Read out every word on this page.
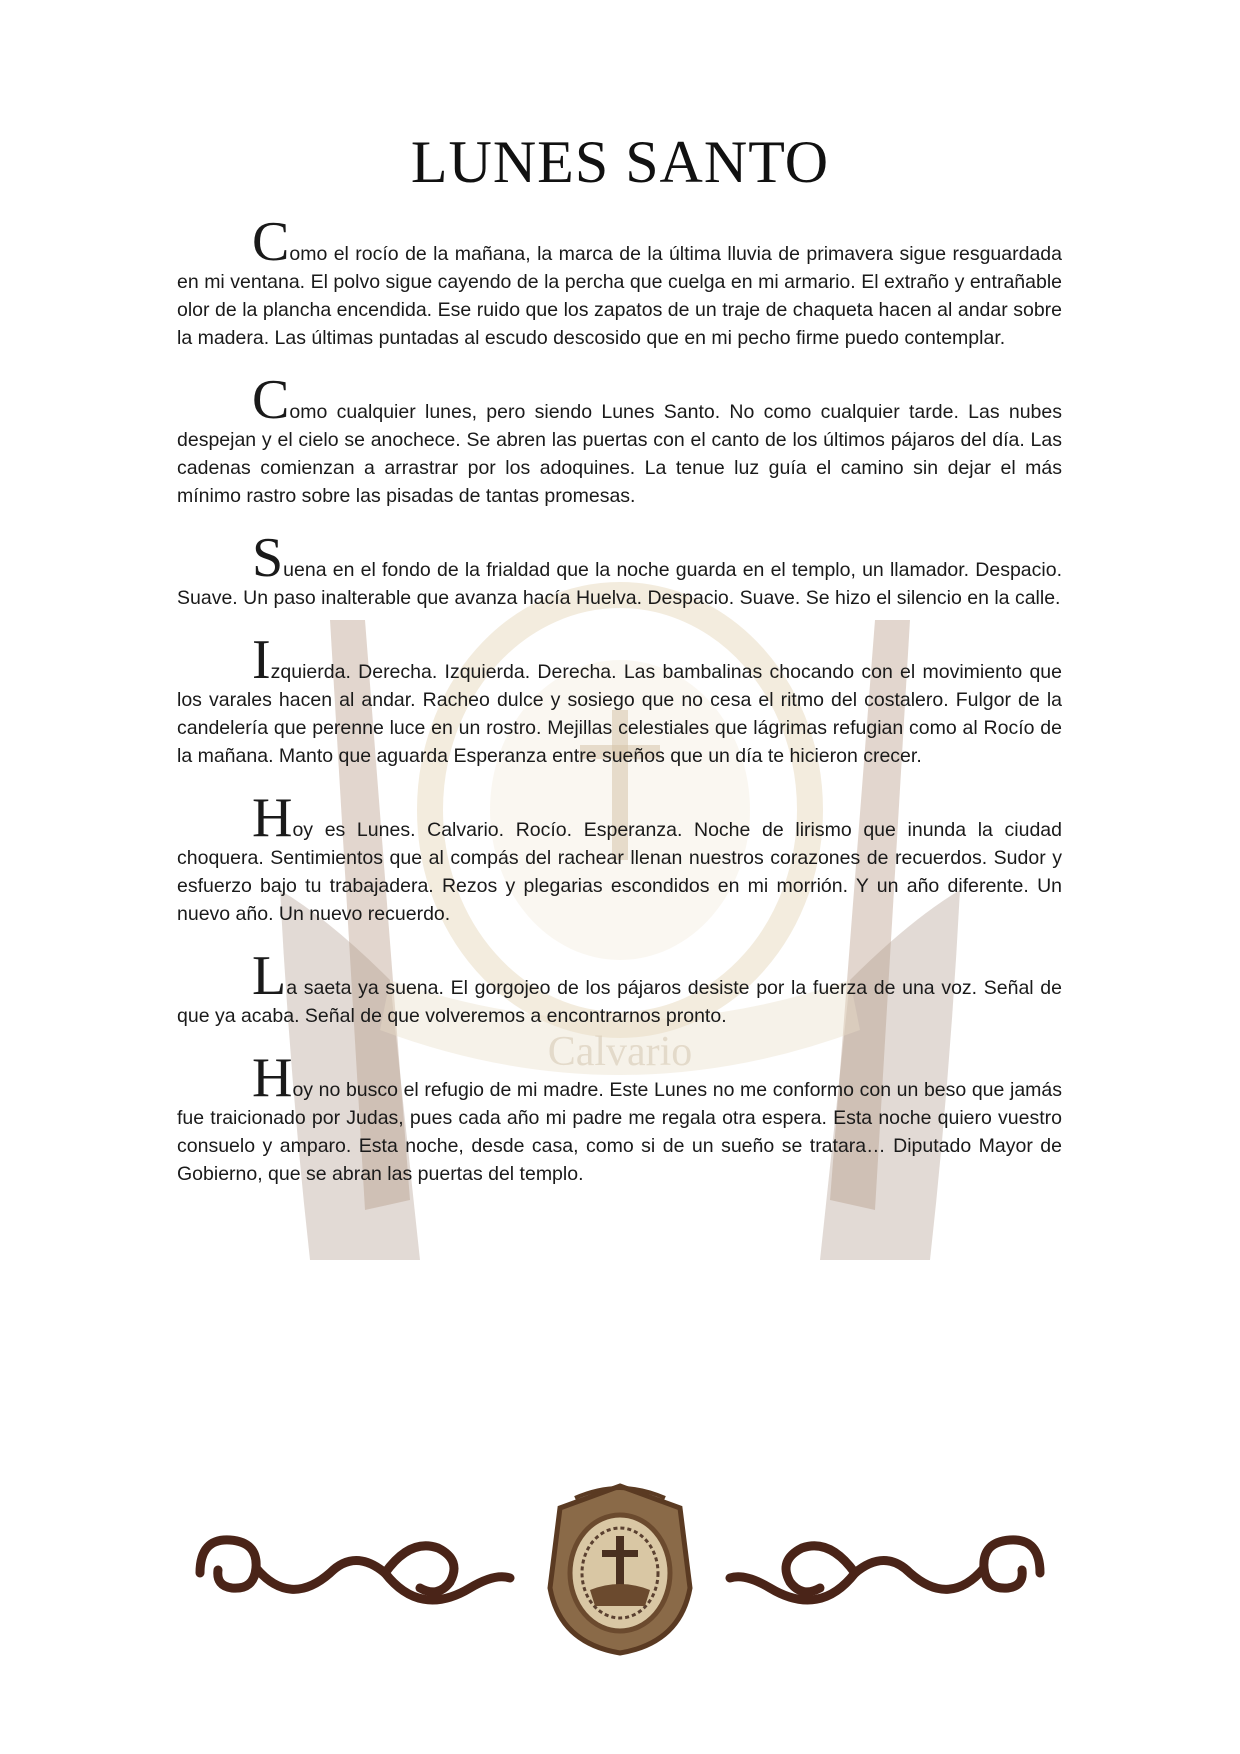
Calvario
LUNES SANTO

Como el rocío de la mañana, la marca de la última lluvia de primavera sigue resguardada en mi ventana. El polvo sigue cayendo de la percha que cuelga en mi armario. El extraño y entrañable olor de la plancha encendida. Ese ruido que los zapatos de un traje de chaqueta hacen al andar sobre la madera. Las últimas puntadas al escudo descosido que en mi pecho firme puedo contemplar.

Como cualquier lunes, pero siendo Lunes Santo. No como cualquier tarde. Las nubes despejan y el cielo se anochece. Se abren las puertas con el canto de los últimos pájaros del día. Las cadenas comienzan a arrastrar por los adoquines. La tenue luz guía el camino sin dejar el más mínimo rastro sobre las pisadas de tantas promesas.

Suena en el fondo de la frialdad que la noche guarda en el templo, un llamador. Despacio. Suave. Un paso inalterable que avanza hacía Huelva. Despacio. Suave. Se hizo el silencio en la calle.

Izquierda. Derecha. Izquierda. Derecha. Las bambalinas chocando con el movimiento que los varales hacen al andar. Racheo dulce y sosiego que no cesa el ritmo del costalero. Fulgor de la candelería que perenne luce en un rostro. Mejillas celestiales que lágrimas refugian como al Rocío de la mañana. Manto que aguarda Esperanza entre sueños que un día te hicieron crecer.

Hoy es Lunes. Calvario. Rocío. Esperanza. Noche de lirismo que inunda la ciudad choquera. Sentimientos que al compás del rachear llenan nuestros corazones de recuerdos. Sudor y esfuerzo bajo tu trabajadera. Rezos y plegarias escondidos en mi morrión. Y un año diferente. Un nuevo año. Un nuevo recuerdo.

La saeta ya suena. El gorgojeo de los pájaros desiste por la fuerza de una voz. Señal de que ya acaba. Señal de que volveremos a encontrarnos pronto.

Hoy no busco el refugio de mi madre. Este Lunes no me conformo con un beso que jamás fue traicionado por Judas, pues cada año mi padre me regala otra espera. Esta noche quiero vuestro consuelo y amparo. Esta noche, desde casa, como si de un sueño se tratara… Diputado Mayor de Gobierno, que se abran las puertas del templo.
